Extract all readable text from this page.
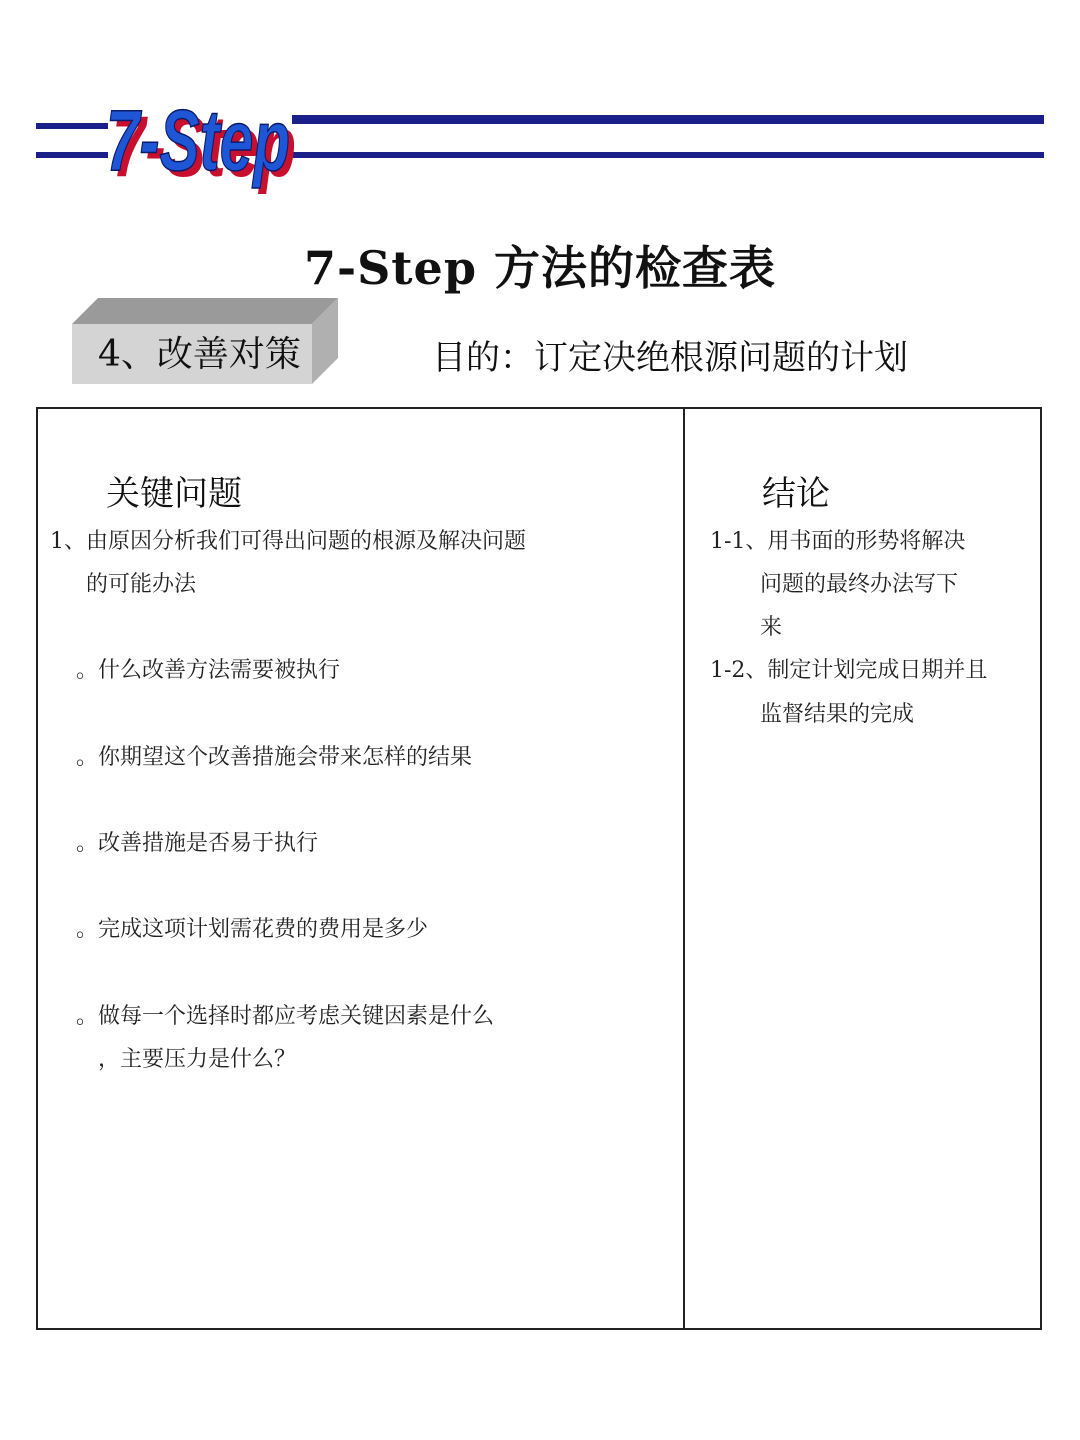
7-Step
7-Step
7-Step 方法的检查表
4、改善对策	目的：订定决绝根源问题的计划
关键问题
1、由原因分析我们可得出问题的根源及解决问题
的可能办法
。什么改善方法需要被执行
。你期望这个改善措施会带来怎样的结果
。改善措施是否易于执行
。完成这项计划需花费的费用是多少
。做每一个选择时都应考虑关键因素是什么
，主要压力是什么？
结论
1-1、用书面的形势将解决
问题的最终办法写下
来
1-2、制定计划完成日期并且
监督结果的完成
